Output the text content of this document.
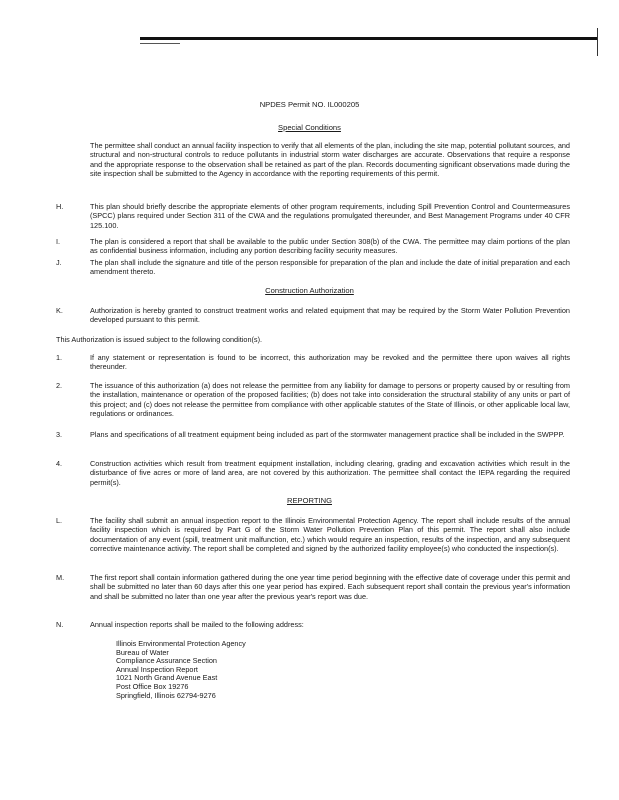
NPDES Permit NO. IL000205
Special Conditions
The permittee shall conduct an annual facility inspection to verify that all elements of the plan, including the site map, potential pollutant sources, and structural and non-structural controls to reduce pollutants in industrial storm water discharges are accurate. Observations that require a response and the appropriate response to the observation shall be retained as part of the plan. Records documenting significant observations made during the site inspection shall be submitted to the Agency in accordance with the reporting requirements of this permit.
H.	This plan should briefly describe the appropriate elements of other program requirements, including Spill Prevention Control and Countermeasures (SPCC) plans required under Section 311 of the CWA and the regulations promulgated thereunder, and Best Management Programs under 40 CFR 125.100.
I.	The plan is considered a report that shall be available to the public under Section 308(b) of the CWA. The permittee may claim portions of the plan as confidential business information, including any portion describing facility security measures.
J.	The plan shall include the signature and title of the person responsible for preparation of the plan and include the date of initial preparation and each amendment thereto.
Construction Authorization
K.	Authorization is hereby granted to construct treatment works and related equipment that may be required by the Storm Water Pollution Prevention developed pursuant to this permit.
This Authorization is issued subject to the following condition(s).
1.	If any statement or representation is found to be incorrect, this authorization may be revoked and the permittee there upon waives all rights thereunder.
2.	The issuance of this authorization (a) does not release the permittee from any liability for damage to persons or property caused by or resulting from the installation, maintenance or operation of the proposed facilities; (b) does not take into consideration the structural stability of any units or part of this project; and (c) does not release the permittee from compliance with other applicable statutes of the State of Illinois, or other applicable local law, regulations or ordinances.
3.	Plans and specifications of all treatment equipment being included as part of the stormwater management practice shall be included in the SWPPP.
4.	Construction activities which result from treatment equipment installation, including clearing, grading and excavation activities which result in the disturbance of five acres or more of land area, are not covered by this authorization. The permittee shall contact the IEPA regarding the required permit(s).
REPORTING
L.	The facility shall submit an annual inspection report to the Illinois Environmental Protection Agency. The report shall include results of the annual facility inspection which is required by Part G of the Storm Water Pollution Prevention Plan of this permit. The report shall also include documentation of any event (spill, treatment unit malfunction, etc.) which would require an inspection, results of the inspection, and any subsequent corrective maintenance activity. The report shall be completed and signed by the authorized facility employee(s) who conducted the inspection(s).
M.	The first report shall contain information gathered during the one year time period beginning with the effective date of coverage under this permit and shall be submitted no later than 60 days after this one year period has expired. Each subsequent report shall contain the previous year's information and shall be submitted no later than one year after the previous year's report was due.
N.	Annual inspection reports shall be mailed to the following address:
Illinois Environmental Protection Agency
Bureau of Water
Compliance Assurance Section
Annual Inspection Report
1021 North Grand Avenue East
Post Office Box 19276
Springfield, Illinois 62794-9276
